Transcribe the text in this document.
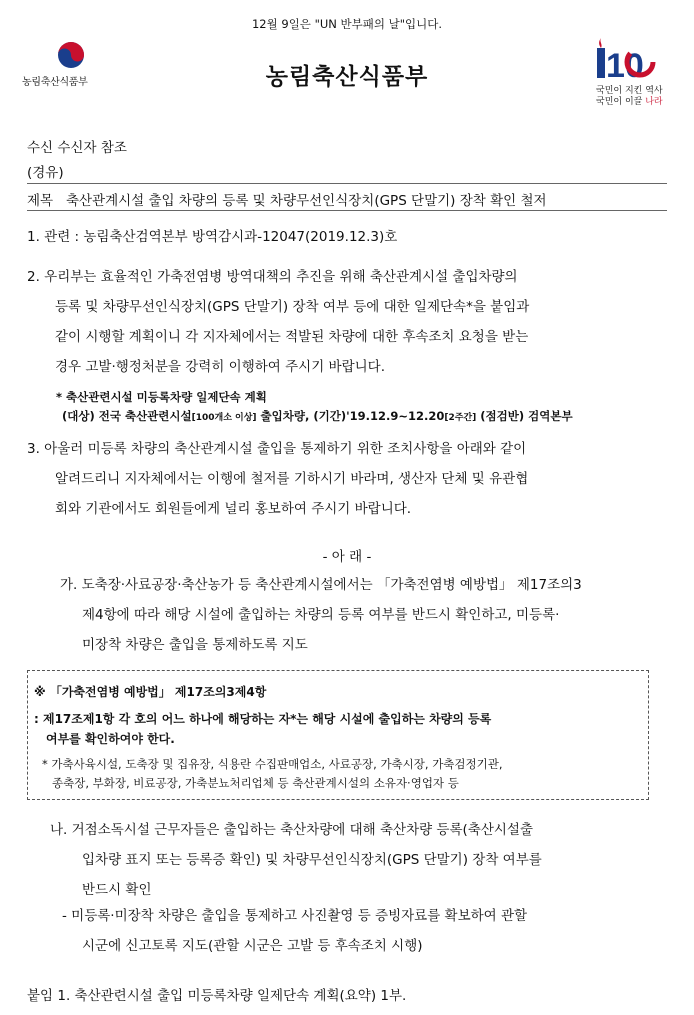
12월 9일은 "UN 반부패의 날"입니다.
농림축산식품부	농림축산식품부	10
국민이 지킨 역사
국민이 이끌 나라
수신 수신자 참조
(경유)
제목 축산관계시설 출입 차량의 등록 및 차량무선인식장치(GPS 단말기) 장착 확인 철저
1. 관련 : 농림축산검역본부 방역감시과-12047(2019.12.3)호
2. 우리부는 효율적인 가축전염병 방역대책의 추진을 위해 축산관계시설 출입차량의
등록 및 차량무선인식장치(GPS 단말기) 장착 여부 등에 대한 일제단속*을 붙임과
같이 시행할 계획이니 각 지자체에서는 적발된 차량에 대한 후속조치 요청을 받는
경우 고발·행정처분을 강력히 이행하여 주시기 바랍니다.
* 축산관련시설 미등록차량 일제단속 계획
(대상) 전국 축산관련시설[100개소 이상] 출입차량, (기간)'19.12.9~12.20[2주간] (점검반) 검역본부
3. 아울러 미등록 차량의 축산관계시설 출입을 통제하기 위한 조치사항을 아래와 같이
알려드리니 지자체에서는 이행에 철저를 기하시기 바라며, 생산자 단체 및 유관협
회와 기관에서도 회원들에게 널리 홍보하여 주시기 바랍니다.
- 아 래 -
가. 도축장·사료공장·축산농가 등 축산관계시설에서는 「가축전염병 예방법」 제17조의3
제4항에 따라 해당 시설에 출입하는 차량의 등록 여부를 반드시 확인하고, 미등록·
미장착 차량은 출입을 통제하도록 지도
※ 「가축전염병 예방법」 제17조의3제4항
: 제17조제1항 각 호의 어느 하나에 해당하는 자*는 해당 시설에 출입하는 차량의 등록
여부를 확인하여야 한다.
* 가축사육시설, 도축장 및 집유장, 식용란 수집판매업소, 사료공장, 가축시장, 가축검정기관,
종축장, 부화장, 비료공장, 가축분뇨처리업체 등 축산관계시설의 소유자·영업자 등
나. 거점소독시설 근무자들은 출입하는 축산차량에 대해 축산차량 등록(축산시설출
입차량 표지 또는 등록증 확인) 및 차량무선인식장치(GPS 단말기) 장착 여부를
반드시 확인
- 미등록·미장착 차량은 출입을 통제하고 사진촬영 등 증빙자료를 확보하여 관할
시군에 신고토록 지도(관할 시군은 고발 등 후속조치 시행)
붙임 1. 축산관련시설 출입 미등록차량 일제단속 계획(요약) 1부.
